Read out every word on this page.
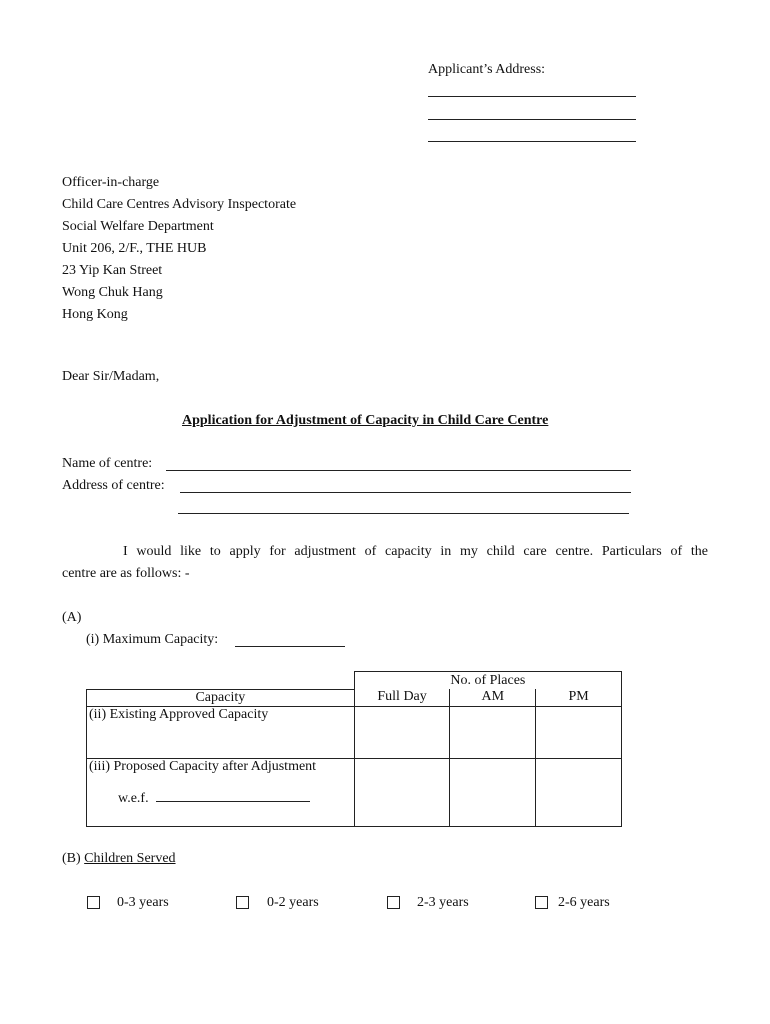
Applicant’s Address:
Officer-in-charge
Child Care Centres Advisory Inspectorate
Social Welfare Department
Unit 206, 2/F., THE HUB
23 Yip Kan Street
Wong Chuk Hang
Hong Kong
Dear Sir/Madam,
Application for Adjustment of Capacity in Child Care Centre
Name of centre:
Address of centre:
I would like to apply for adjustment of capacity in my child care centre. Particulars of the
centre are as follows: -
(A)
(i) Maximum Capacity:
	No. of Places		
Capacity	Full Day	AM	PM
(ii) Existing Approved Capacity			

(iii) Proposed Capacity after Adjustment
w.e.f.			

(B) Children Served
0-3 years	0-2 years	2-3 years	2-6 years
